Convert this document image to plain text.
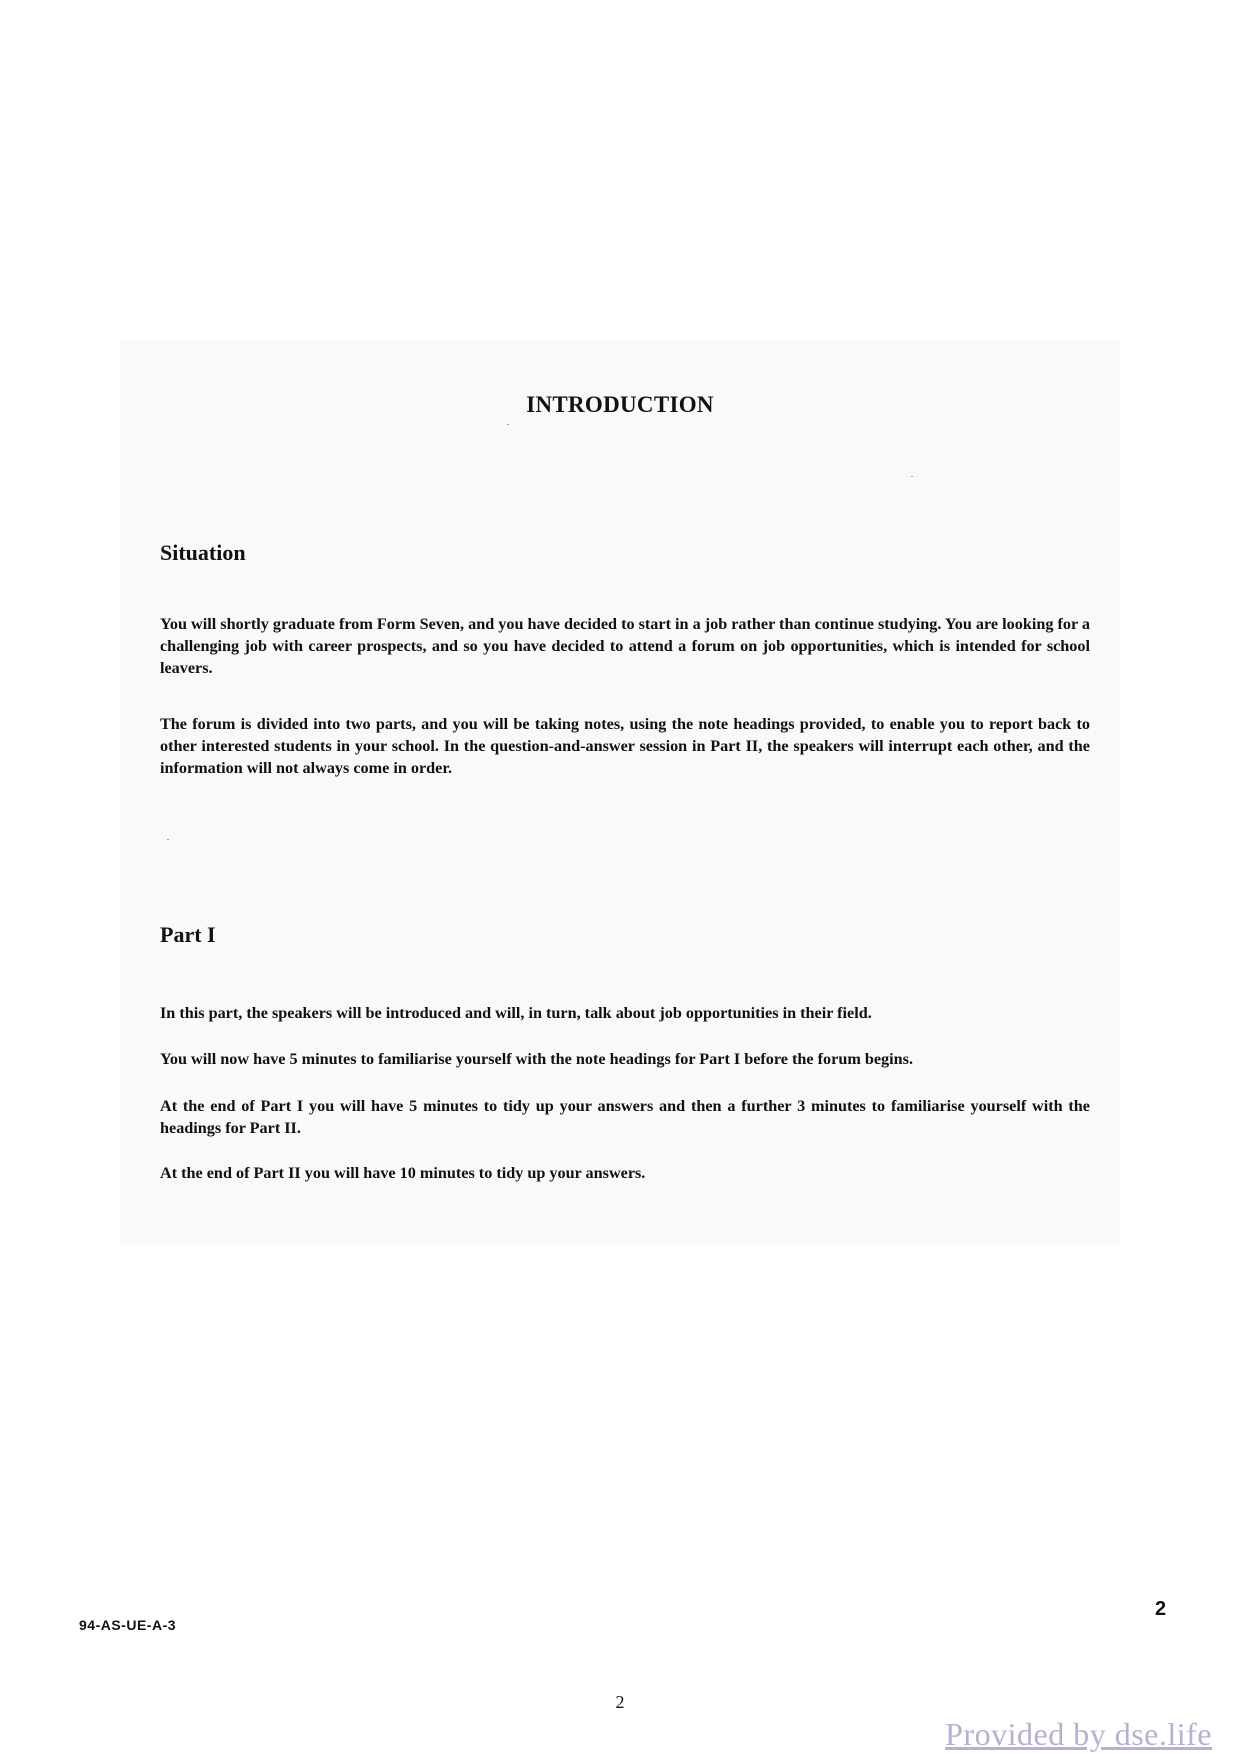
INTRODUCTION
Situation

You will shortly graduate from Form Seven, and you have decided to start in a job rather than continue studying. You are looking for a challenging job with career prospects, and so you have decided to attend a forum on job opportunities, which is intended for school leavers.

The forum is divided into two parts, and you will be taking notes, using the note headings provided, to enable you to report back to other interested students in your school. In the question-and-answer session in Part II, the speakers will interrupt each other, and the information will not always come in order.

Part I

In this part, the speakers will be introduced and will, in turn, talk about job opportunities in their field.

You will now have 5 minutes to familiarise yourself with the note headings for Part I before the forum begins.

At the end of Part I you will have 5 minutes to tidy up your answers and then a further 3 minutes to familiarise yourself with the headings for Part II.

At the end of Part II you will have 10 minutes to tidy up your answers.

94-AS-UE-A-3
2
2
Provided by dse.life
